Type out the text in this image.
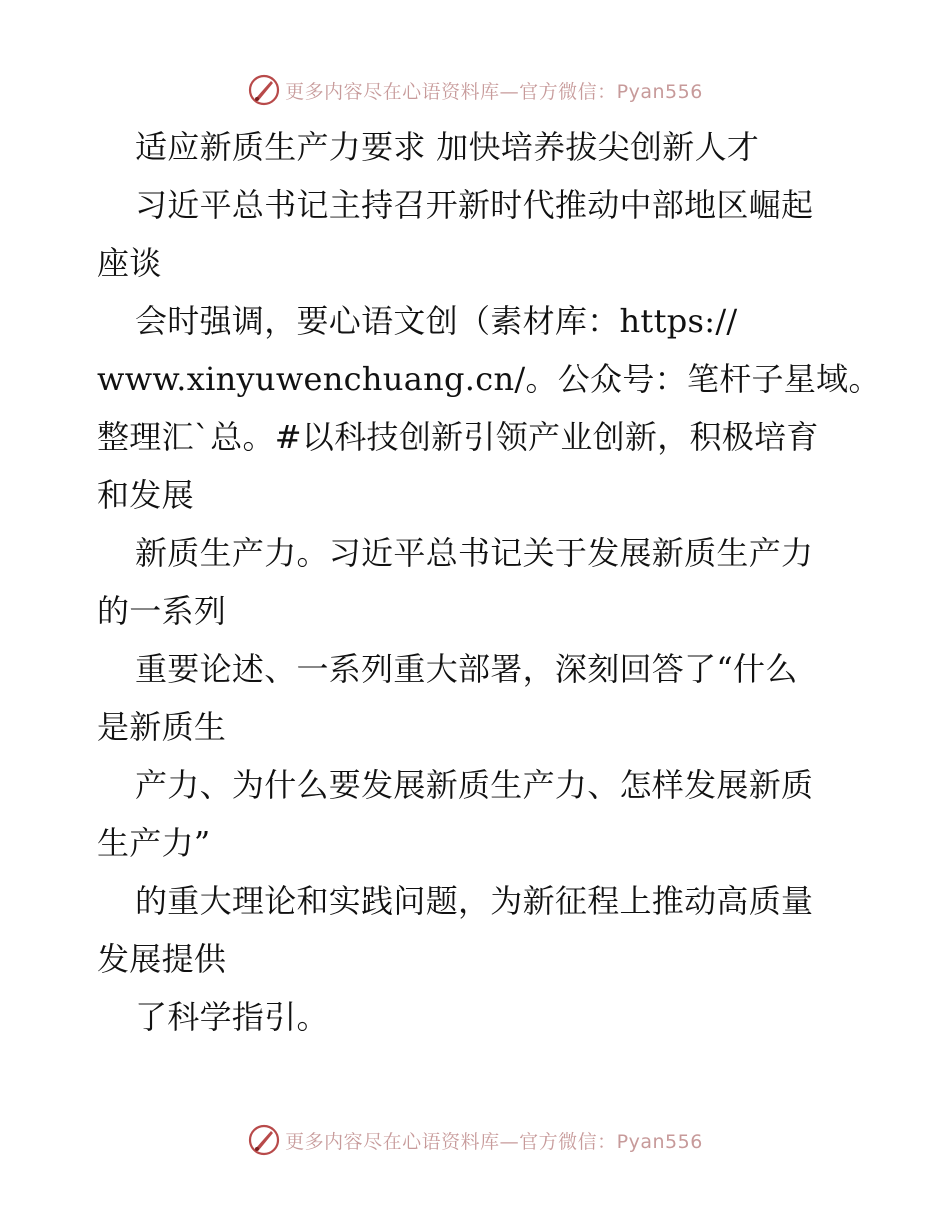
更多内容尽在心语资料库—官方微信：Pyan556
适应新质生产力要求 加快培养拔尖创新人才
习近平总书记主持召开新时代推动中部地区崛起
座谈
会时强调，要心语文创（素材库：https://
www.xinyuwenchuang.cn/。公众号：笔杆子星域。
整理汇`总。#以科技创新引领产业创新，积极培育
和发展
新质生产力。习近平总书记关于发展新质生产力
的一系列
重要论述、一系列重大部署，深刻回答了“什么
是新质生
产力、为什么要发展新质生产力、怎样发展新质
生产力”
的重大理论和实践问题，为新征程上推动高质量
发展提供
了科学指引。
更多内容尽在心语资料库—官方微信：Pyan556
